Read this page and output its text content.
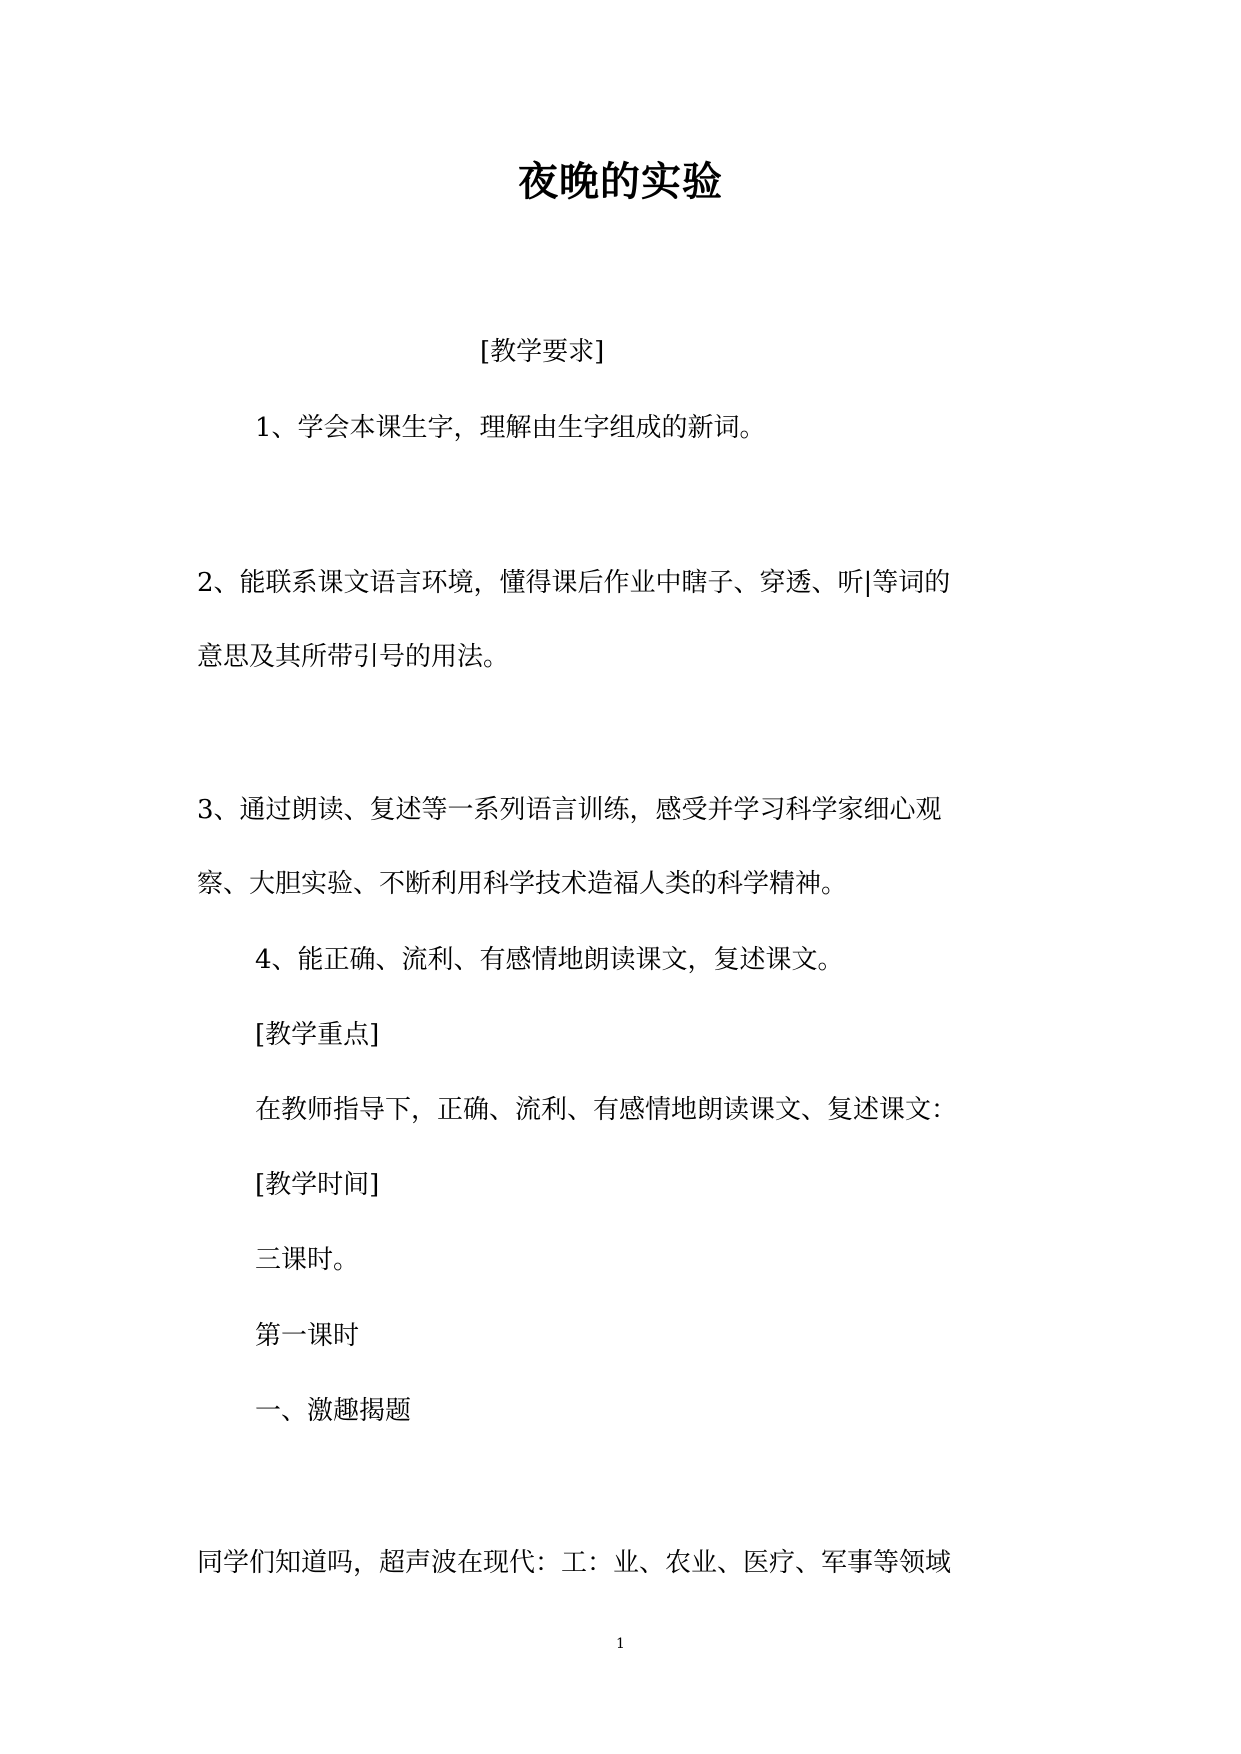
夜晚的实验
[教学要求]
1、学会本课生字，理解由生字组成的新词。
2、能联系课文语言环境，懂得课后作业中瞎子、穿透、听|等词的
意思及其所带引号的用法。
3、通过朗读、复述等一系列语言训练，感受并学习科学家细心观
察、大胆实验、不断利用科学技术造福人类的科学精神。
4、能正确、流利、有感情地朗读课文，复述课文。
[教学重点]
在教师指导下，正确、流利、有感情地朗读课文、复述课文：
[教学时间]
三课时。
第一课时
一、激趣揭题
同学们知道吗，超声波在现代：工：业、农业、医疗、军事等领域
1
